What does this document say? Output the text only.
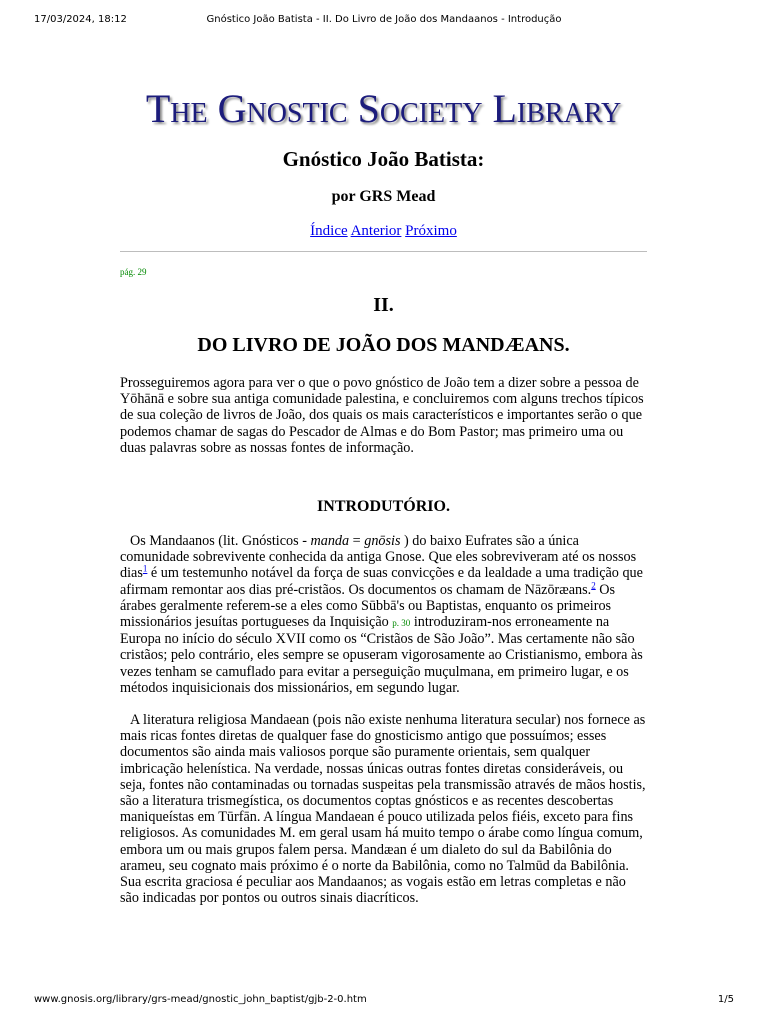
17/03/2024, 18:12	Gnóstico João Batista - II. Do Livro de João dos Mandaanos - Introdução
The Gnostic Society Library
Gnóstico João Batista:
por GRS Mead
Índice Anterior Próximo
pág. 29
II.
DO LIVRO DE JOÃO DOS MANDÆANS.

Prosseguiremos agora para ver o que o povo gnóstico de João tem a dizer sobre a pessoa de Yōhānā e sobre sua antiga comunidade palestina, e concluiremos com alguns trechos típicos de sua coleção de livros de João, dos quais os mais característicos e importantes serão o que podemos chamar de sagas do Pescador de Almas e do Bom Pastor; mas primeiro uma ou duas palavras sobre as nossas fontes de informação.

INTRODUTÓRIO.

Os Mandaanos (lit. Gnósticos - manda = gnōsis ) do baixo Eufrates são a única comunidade sobrevivente conhecida da antiga Gnose. Que eles sobreviveram até os nossos dias$^1$ é um testemunho notável da força de suas convicções e da lealdade a uma tradição que afirmam remontar aos dias pré-cristãos. Os documentos os chamam de Nāzōræans.$^2$ Os árabes geralmente referem-se a eles como Sūbbā's ou Baptistas, enquanto os primeiros missionários jesuítas portugueses da Inquisição p. 30 introduziram-nos erroneamente na Europa no início do século XVII como os “Cristãos de São João”. Mas certamente não são cristãos; pelo contrário, eles sempre se opuseram vigorosamente ao Cristianismo, embora às vezes tenham se camuflado para evitar a perseguição muçulmana, em primeiro lugar, e os métodos inquisicionais dos missionários, em segundo lugar.

A literatura religiosa Mandaean (pois não existe nenhuma literatura secular) nos fornece as mais ricas fontes diretas de qualquer fase do gnosticismo antigo que possuímos; esses documentos são ainda mais valiosos porque são puramente orientais, sem qualquer imbricação helenística. Na verdade, nossas únicas outras fontes diretas consideráveis, ou seja, fontes não contaminadas ou tornadas suspeitas pela transmissão através de mãos hostis, são a literatura trismegística, os documentos coptas gnósticos e as recentes descobertas maniqueístas em Tūrfān. A língua Mandaean é pouco utilizada pelos fiéis, exceto para fins religiosos. As comunidades M. em geral usam há muito tempo o árabe como língua comum, embora um ou mais grupos falem persa. Mandæan é um dialeto do sul da Babilônia do arameu, seu cognato mais próximo é o norte da Babilônia, como no Talmūd da Babilônia. Sua escrita graciosa é peculiar aos Mandaanos; as vogais estão em letras completas e não são indicadas por pontos ou outros sinais diacríticos.

www.gnosis.org/library/grs-mead/gnostic_john_baptist/gjb-2-0.htm	1/5
